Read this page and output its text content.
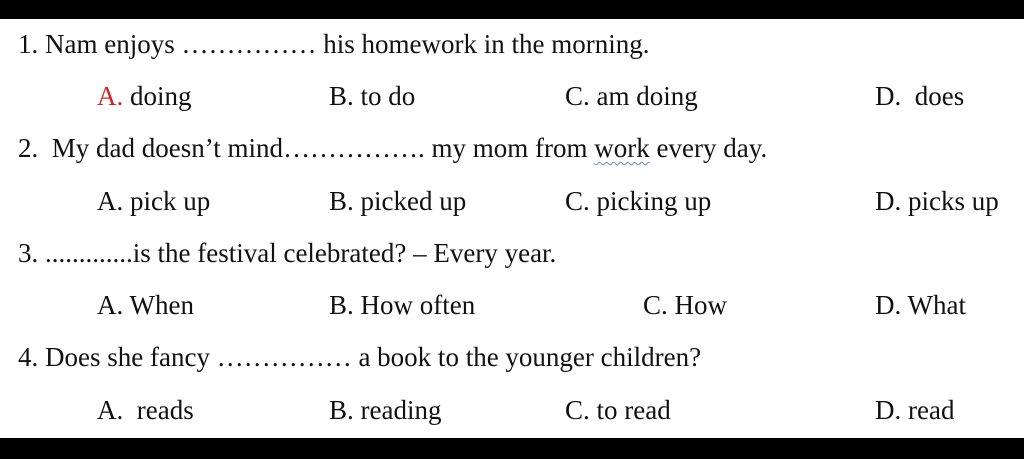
1. Nam enjoys …………… his homework in the morning.
A. doing	B. to do	C. am doing	D. does
2. My dad doesn’t mind……………. my mom from work every day.
A. pick up	B. picked up	C. picking up	D. picks up
3. .............is the festival celebrated? – Every year.
A. When	B. How often	C. How	D. What
4. Does she fancy …………… a book to the younger children?
A. reads	B. reading	C. to read	D. read
